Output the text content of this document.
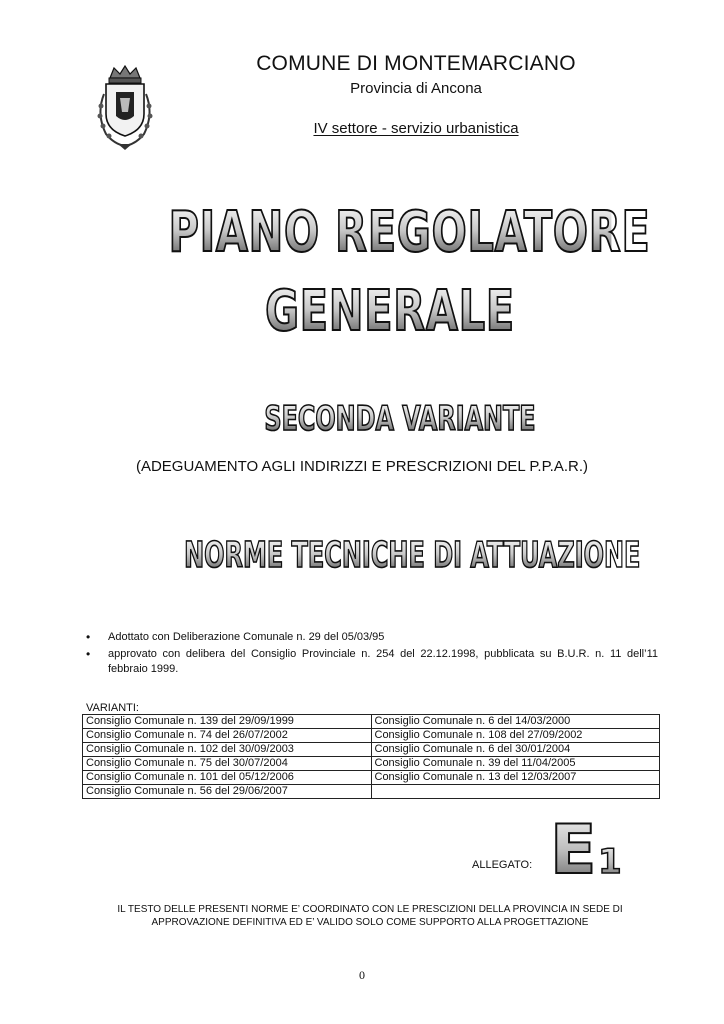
COMUNE DI MONTEMARCIANO
Provincia di Ancona
IV settore - servizio urbanistica
PIANO REGOLATORE
GENERALE
SECONDA VARIANTE
(ADEGUAMENTO AGLI INDIRIZZI E PRESCRIZIONI DEL P.P.A.R.)
NORME TECNICHE DI ATTUAZIONE
• Adottato con Deliberazione Comunale n. 29 del 05/03/95
• approvato con delibera del Consiglio Provinciale n. 254 del 22.12.1998, pubblicata su B.U.R. n. 11 dell’11 febbraio 1999.
VARIANTI:
Consiglio Comunale n. 139 del 29/09/1999	Consiglio Comunale n. 6 del 14/03/2000
Consiglio Comunale n. 74 del 26/07/2002	Consiglio Comunale n. 108 del 27/09/2002
Consiglio Comunale n. 102 del 30/09/2003	Consiglio Comunale n. 6 del 30/01/2004
Consiglio Comunale n. 75 del 30/07/2004	Consiglio Comunale n. 39 del 11/04/2005
Consiglio Comunale n. 101 del 05/12/2006	Consiglio Comunale n. 13 del 12/03/2007
Consiglio Comunale n. 56 del 29/06/2007	
ALLEGATO: E 1
IL TESTO DELLE PRESENTI NORME E’ COORDINATO CON LE PRESCIZIONI DELLA PROVINCIA IN SEDE DI
APPROVAZIONE DEFINITIVA ED E’ VALIDO SOLO COME SUPPORTO ALLA PROGETTAZIONE
0
